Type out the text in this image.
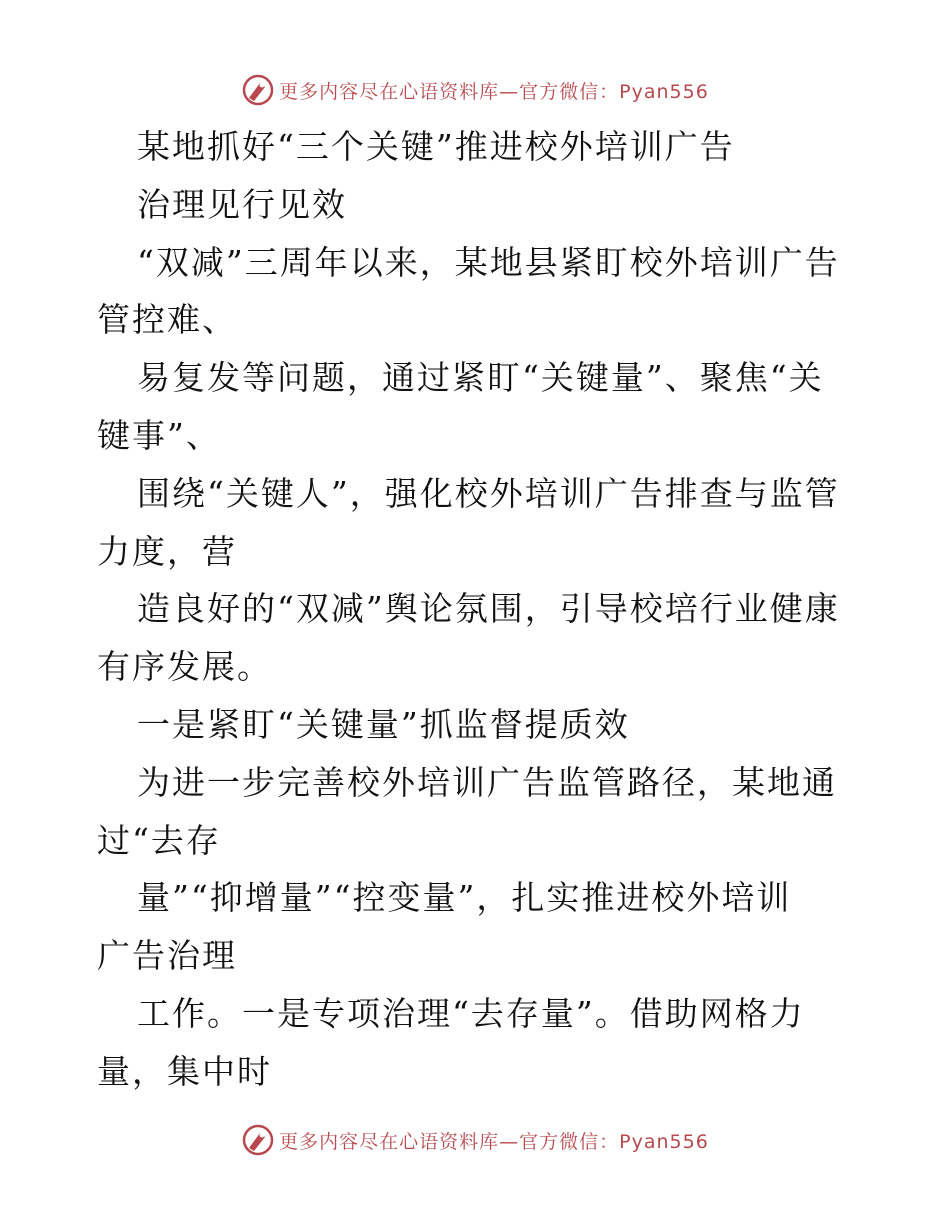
更多内容尽在心语资料库—官方微信：Pyan556
某地抓好“三个关键”推进校外培训广告
治理见行见效
“双减”三周年以来，某地县紧盯校外培训广告
管控难、
易复发等问题，通过紧盯“关键量”、聚焦“关
键事”、
围绕“关键人”，强化校外培训广告排查与监管
力度，营
造良好的“双减”舆论氛围，引导校培行业健康
有序发展。
一是紧盯“关键量”抓监督提质效
为进一步完善校外培训广告监管路径，某地通
过“去存
量”“抑增量”“控变量”，扎实推进校外培训
广告治理
工作。一是专项治理“去存量”。借助网格力
量，集中时
更多内容尽在心语资料库—官方微信：Pyan556
